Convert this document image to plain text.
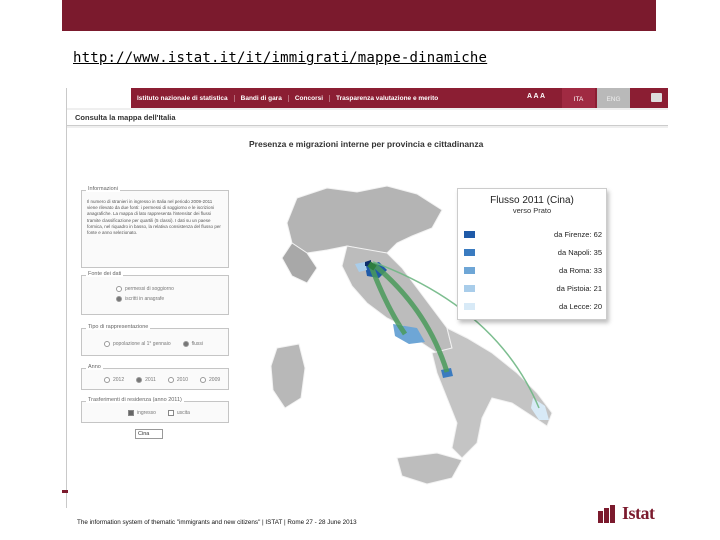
http://www.istat.it/it/immigrati/mappe-dinamiche
Istituto nazionale di statistica	Bandi di gara	Concorsi	Trasparenza valutazione e merito	A A A	ITA	ENG
Consulta la mappa dell'Italia
Presenza e migrazioni interne per provincia e cittadinanza
Informazioni
Il numero di stranieri in ingresso in Italia nel periodo 2009-2011 viene rilevato da due fonti: i permessi di soggiorno e le iscrizioni anagrafiche. La mappa di lato rappresenta l'intensita' dei flussi tramite classificazione per quartili (5 classi). I dati su un paese formica, nel riquadro in basso, la relativa consistenza del flusso per fonte e anno selezionato.
Fonte dei dati
permessi di soggiorno
iscritti in anagrafe
Tipo di rappresentazione
popolazione al 1° gennaio	flussi
Anno
2012	2011	2010	2009
Trasferimenti di residenza (anno 2011)
ingresso	uscita
Cina
Flusso 2011 (Cina)
verso Prato
da Firenze: 62
da Napoli: 35
da Roma: 33
da Pistoia: 21
da Lecce: 20
The information system of thematic "immigrants and new citizens" | ISTAT | Rome 27 - 28 June 2013	Istat
